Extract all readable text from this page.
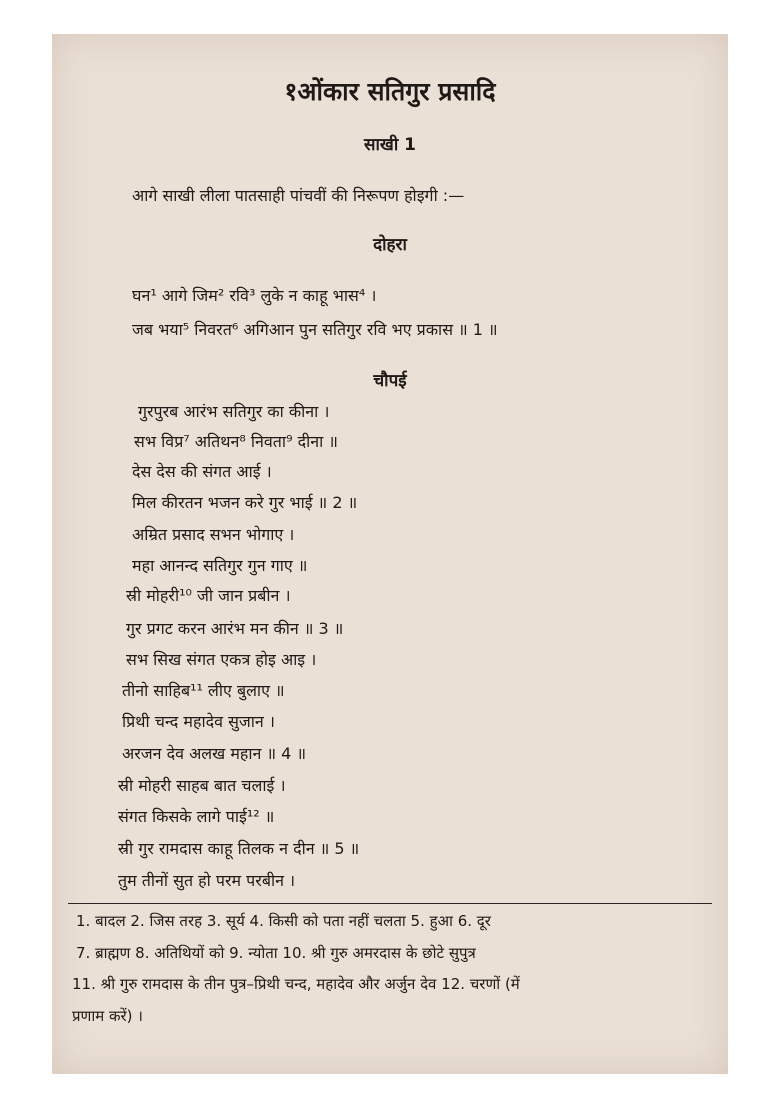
१ओंकार सतिगुर प्रसादि
साखी 1
आगे साखी लीला पातसाही पांचवीं की निरूपण होइगी :—
दोहरा
घन¹ आगे जिम² रवि³ लुके न काहू भास⁴ ।
जब भया⁵ निवरत⁶ अगिआन पुन सतिगुर रवि भए प्रकास ॥ 1 ॥
चौपई
गुरपुरब आरंभ सतिगुर का कीना ।
सभ विप्र⁷ अतिथन⁸ निवता⁹ दीना ॥
देस देस की संगत आई ।
मिल कीरतन भजन करे गुर भाई ॥ 2 ॥
अम्रित प्रसाद सभन भोगाए ।
महा आनन्द सतिगुर गुन गाए ॥
स्री मोहरी¹⁰ जी जान प्रबीन ।
गुर प्रगट करन आरंभ मन कीन ॥ 3 ॥
सभ सिख संगत एकत्र होइ आइ ।
तीनो साहिब¹¹ लीए बुलाए ॥
प्रिथी चन्द महादेव सुजान ।
अरजन देव अलख महान ॥ 4 ॥
स्री मोहरी साहब बात चलाई ।
संगत किसके लागे पाई¹² ॥
स्री गुर रामदास काहू तिलक न दीन ॥ 5 ॥
तुम तीनों सुत हो परम परबीन ।
1. बादल 2. जिस तरह 3. सूर्य 4. किसी को पता नहीं चलता 5. हुआ 6. दूर
7. ब्राह्मण 8. अतिथियों को 9. न्योता 10. श्री गुरु अमरदास के छोटे सुपुत्र
11. श्री गुरु रामदास के तीन पुत्र–प्रिथी चन्द, महादेव और अर्जुन देव 12. चरणों (में
प्रणाम करें) ।
